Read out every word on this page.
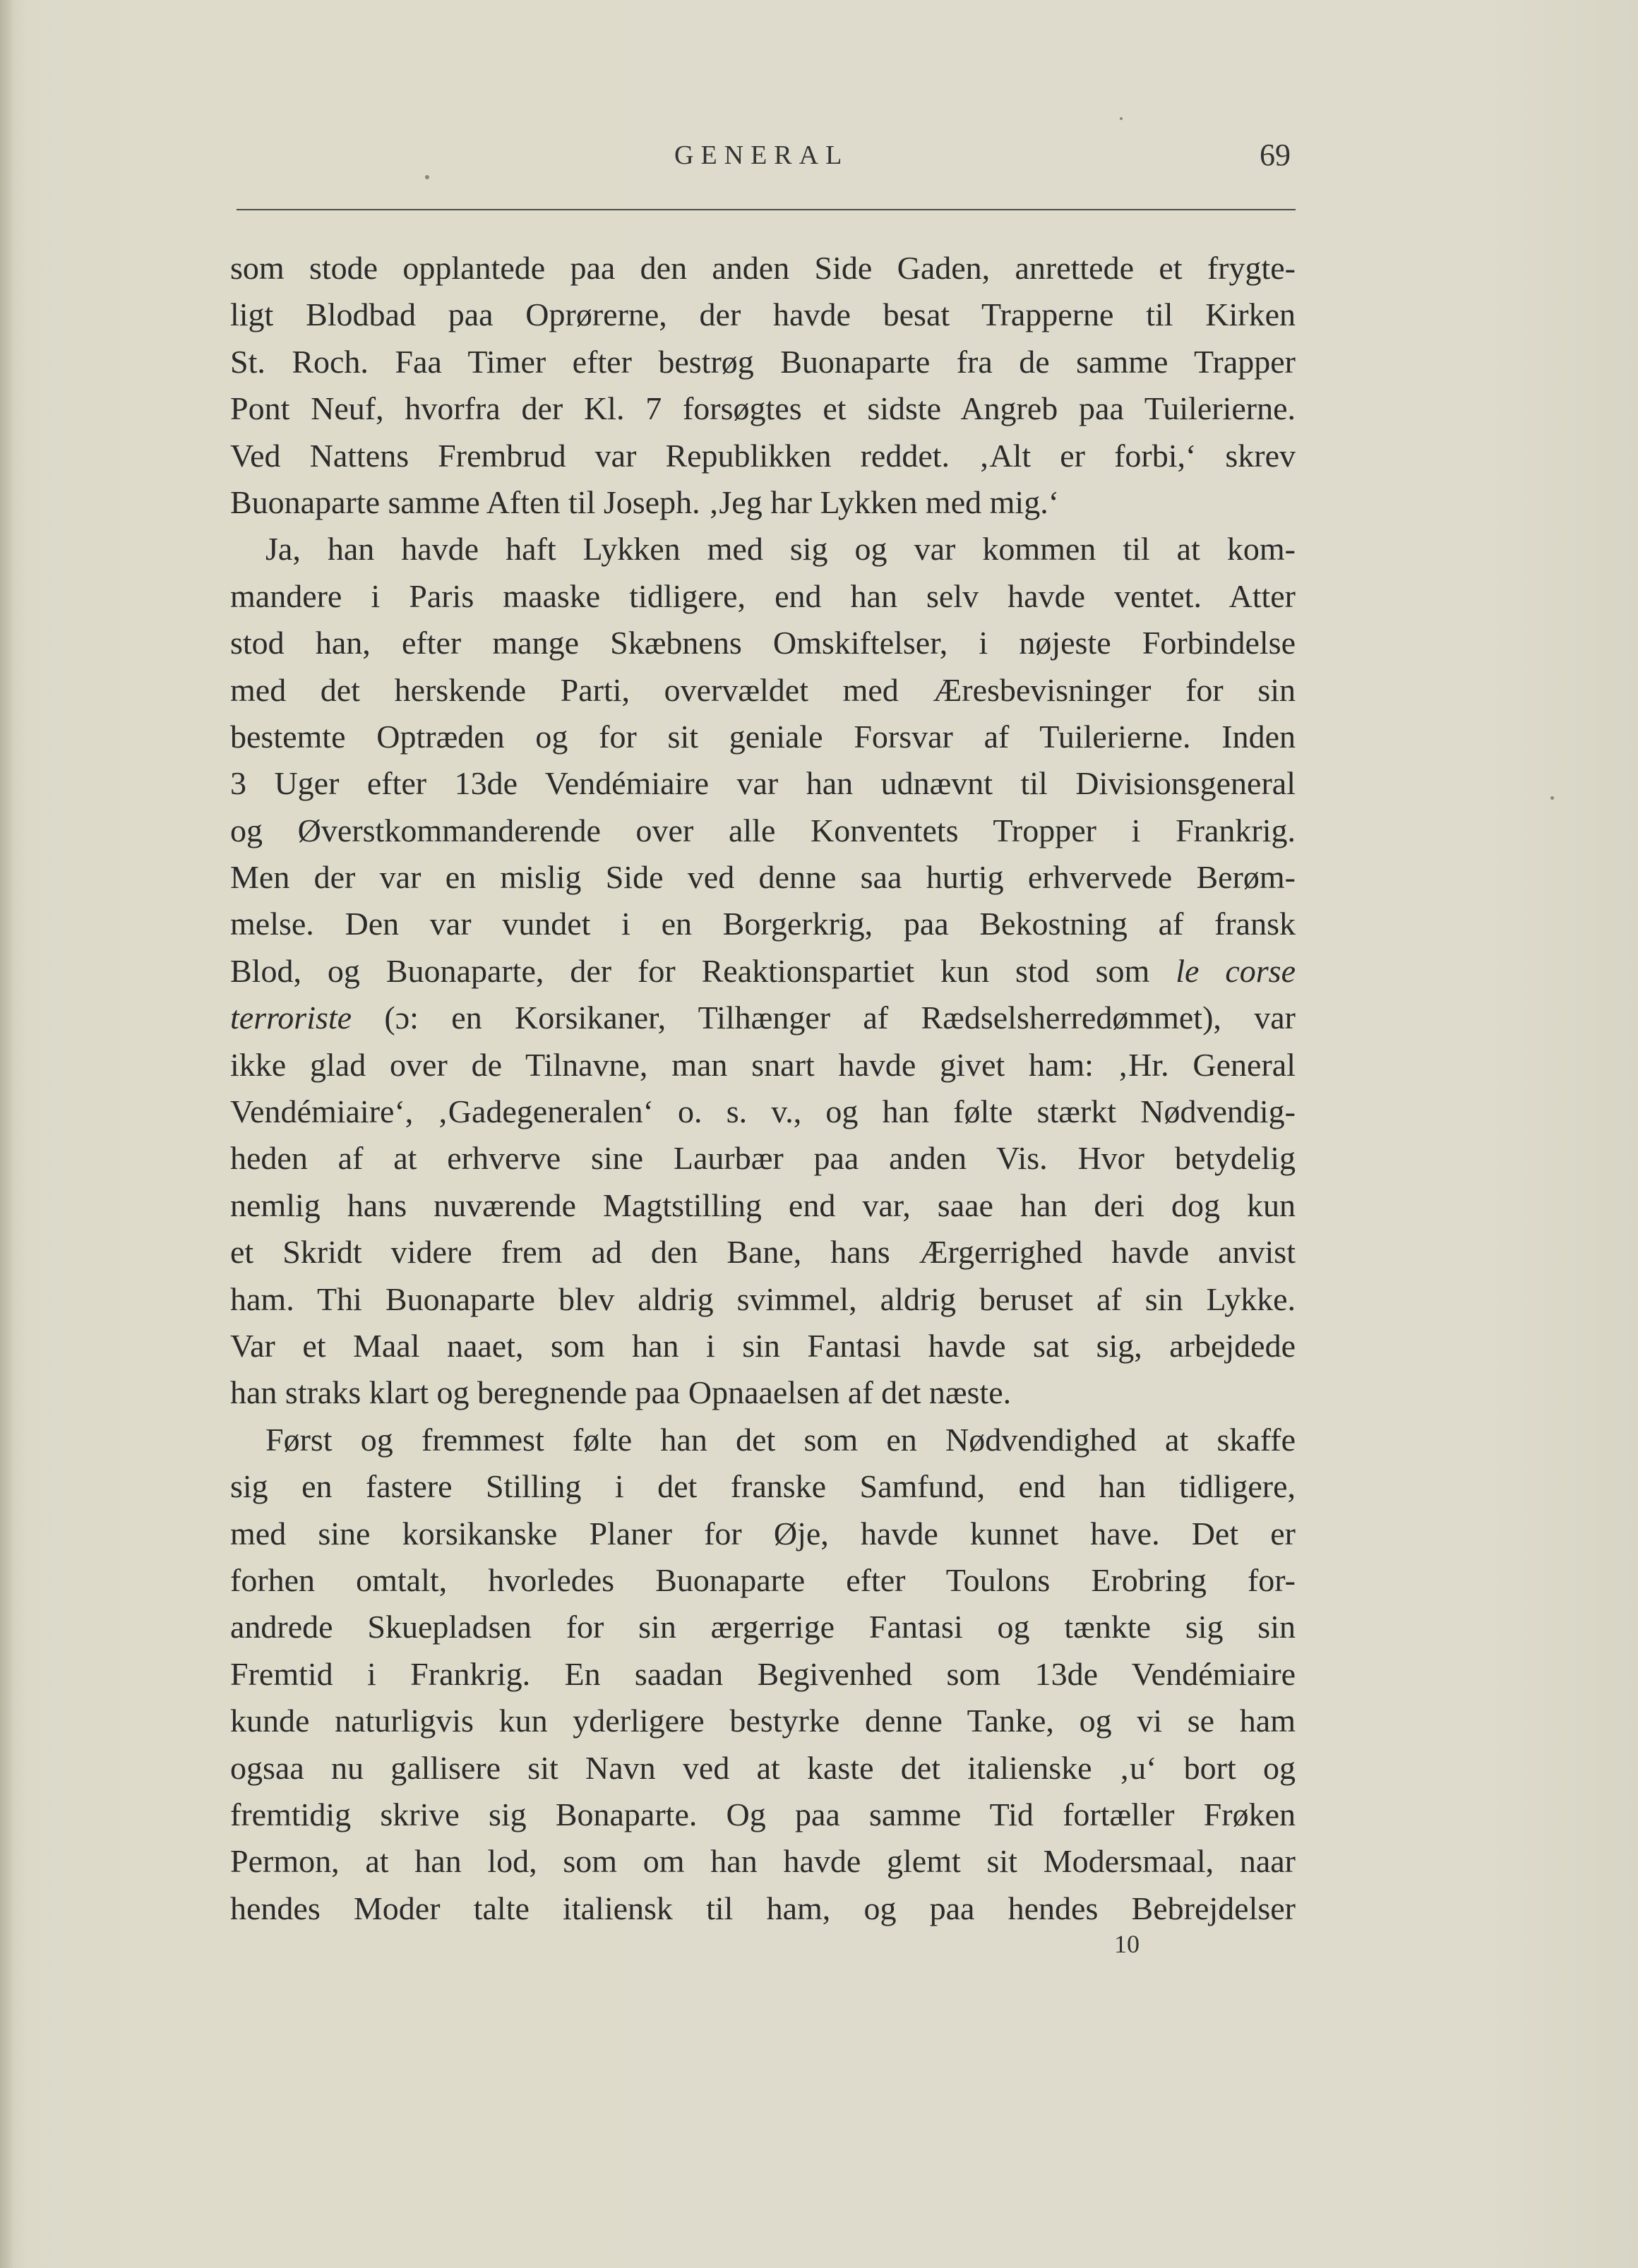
GENERAL	69
som stode opplantede paa den anden Side Gaden, anrettede et frygte-
ligt Blodbad paa Oprørerne, der havde besat Trapperne til Kirken
St. Roch. Faa Timer efter bestrøg Buonaparte fra de samme Trapper
Pont Neuf, hvorfra der Kl. 7 forsøgtes et sidste Angreb paa Tuilerierne.
Ved Nattens Frembrud var Republikken reddet. ‚Alt er forbi,‘ skrev
Buonaparte samme Aften til Joseph. ‚Jeg har Lykken med mig.‘
Ja, han havde haft Lykken med sig og var kommen til at kom-
mandere i Paris maaske tidligere, end han selv havde ventet. Atter
stod han, efter mange Skæbnens Omskiftelser, i nøjeste Forbindelse
med det herskende Parti, overvældet med Æresbevisninger for sin
bestemte Optræden og for sit geniale Forsvar af Tuilerierne. Inden
3 Uger efter 13de Vendémiaire var han udnævnt til Divisionsgeneral
og Øverstkommanderende over alle Konventets Tropper i Frankrig.
Men der var en mislig Side ved denne saa hurtig erhvervede Berøm-
melse. Den var vundet i en Borgerkrig, paa Bekostning af fransk
Blod, og Buonaparte, der for Reaktionspartiet kun stod som le corse
terroriste (ɔ: en Korsikaner, Tilhænger af Rædselsherredømmet), var
ikke glad over de Tilnavne, man snart havde givet ham: ‚Hr. General
Vendémiaire‘, ‚Gadegeneralen‘ o. s. v., og han følte stærkt Nødvendig-
heden af at erhverve sine Laurbær paa anden Vis. Hvor betydelig
nemlig hans nuværende Magtstilling end var, saae han deri dog kun
et Skridt videre frem ad den Bane, hans Ærgerrighed havde anvist
ham. Thi Buonaparte blev aldrig svimmel, aldrig beruset af sin Lykke.
Var et Maal naaet, som han i sin Fantasi havde sat sig, arbejdede
han straks klart og beregnende paa Opnaaelsen af det næste.
Først og fremmest følte han det som en Nødvendighed at skaffe
sig en fastere Stilling i det franske Samfund, end han tidligere,
med sine korsikanske Planer for Øje, havde kunnet have. Det er
forhen omtalt, hvorledes Buonaparte efter Toulons Erobring for-
andrede Skuepladsen for sin ærgerrige Fantasi og tænkte sig sin
Fremtid i Frankrig. En saadan Begivenhed som 13de Vendémiaire
kunde naturligvis kun yderligere bestyrke denne Tanke, og vi se ham
ogsaa nu gallisere sit Navn ved at kaste det italienske ‚u‘ bort og
fremtidig skrive sig Bonaparte. Og paa samme Tid fortæller Frøken
Permon, at han lod, som om han havde glemt sit Modersmaal, naar
hendes Moder talte italiensk til ham, og paa hendes Bebrejdelser
10
